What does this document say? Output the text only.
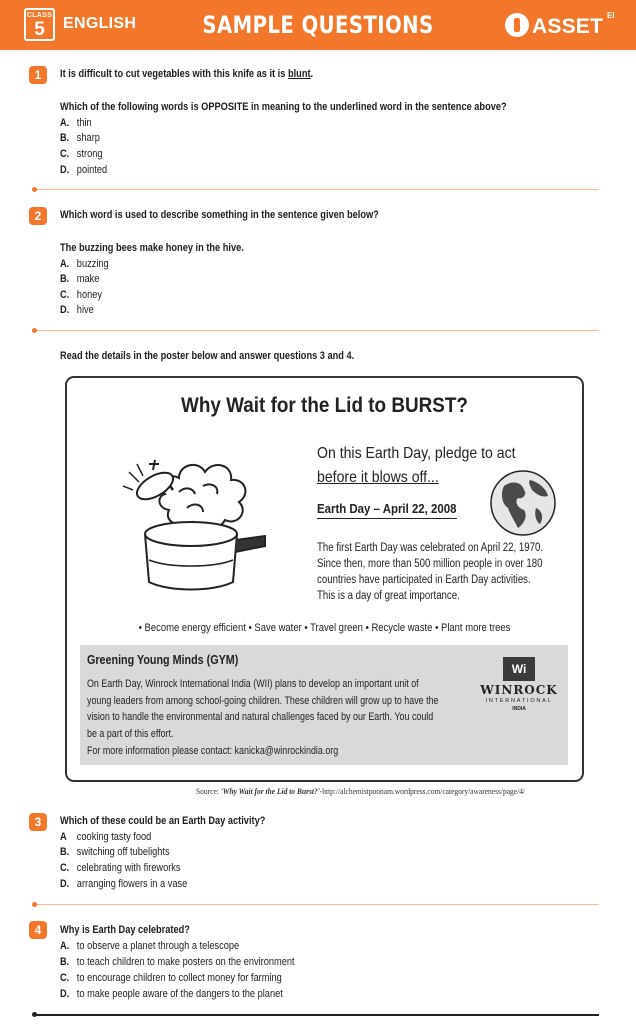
CLASS
5	ENGLISH	SAMPLE QUESTIONS	ASSET EI
1	It is difficult to cut vegetables with this knife as it is blunt.
Which of the following words is OPPOSITE in meaning to the underlined word in the sentence above?
A. thin
B. sharp
C. strong
D. pointed
2	Which word is used to describe something in the sentence given below?
The buzzing bees make honey in the hive.
A. buzzing
B. make
C. honey
D. hive
Read the details in the poster below and answer questions 3 and 4.
Why Wait for the Lid to BURST?
On this Earth Day, pledge to act
before it blows off...
Earth Day – April 22, 2008
The first Earth Day was celebrated on April 22, 1970.
Since then, more than 500 million people in over 180
countries have participated in Earth Day activities.
This is a day of great importance.
• Become energy efficient • Save water • Travel green • Recycle waste • Plant more trees
Greening Young Minds (GYM)
On Earth Day, Winrock International India (WII) plans to develop an important unit of
young leaders from among school-going children. These children will grow up to have the
vision to handle the environmental and natural challenges faced by our Earth. You could
be a part of this effort.
For more information please contact: kanicka@winrockindia.org
Wi
WINROCK
INTERNATIONAL
INDIA
Source: 'Why Wait for the Lid to Burst?'-http://alchemistpoonam.wordpress.com/category/awareness/page/4/
3	Which of these could be an Earth Day activity?
A cooking tasty food
B. switching off tubelights
C. celebrating with fireworks
D. arranging flowers in a vase
4	Why is Earth Day celebrated?
A. to observe a planet through a telescope
B. to teach children to make posters on the environment
C. to encourage children to collect money for farming
D. to make people aware of the dangers to the planet
